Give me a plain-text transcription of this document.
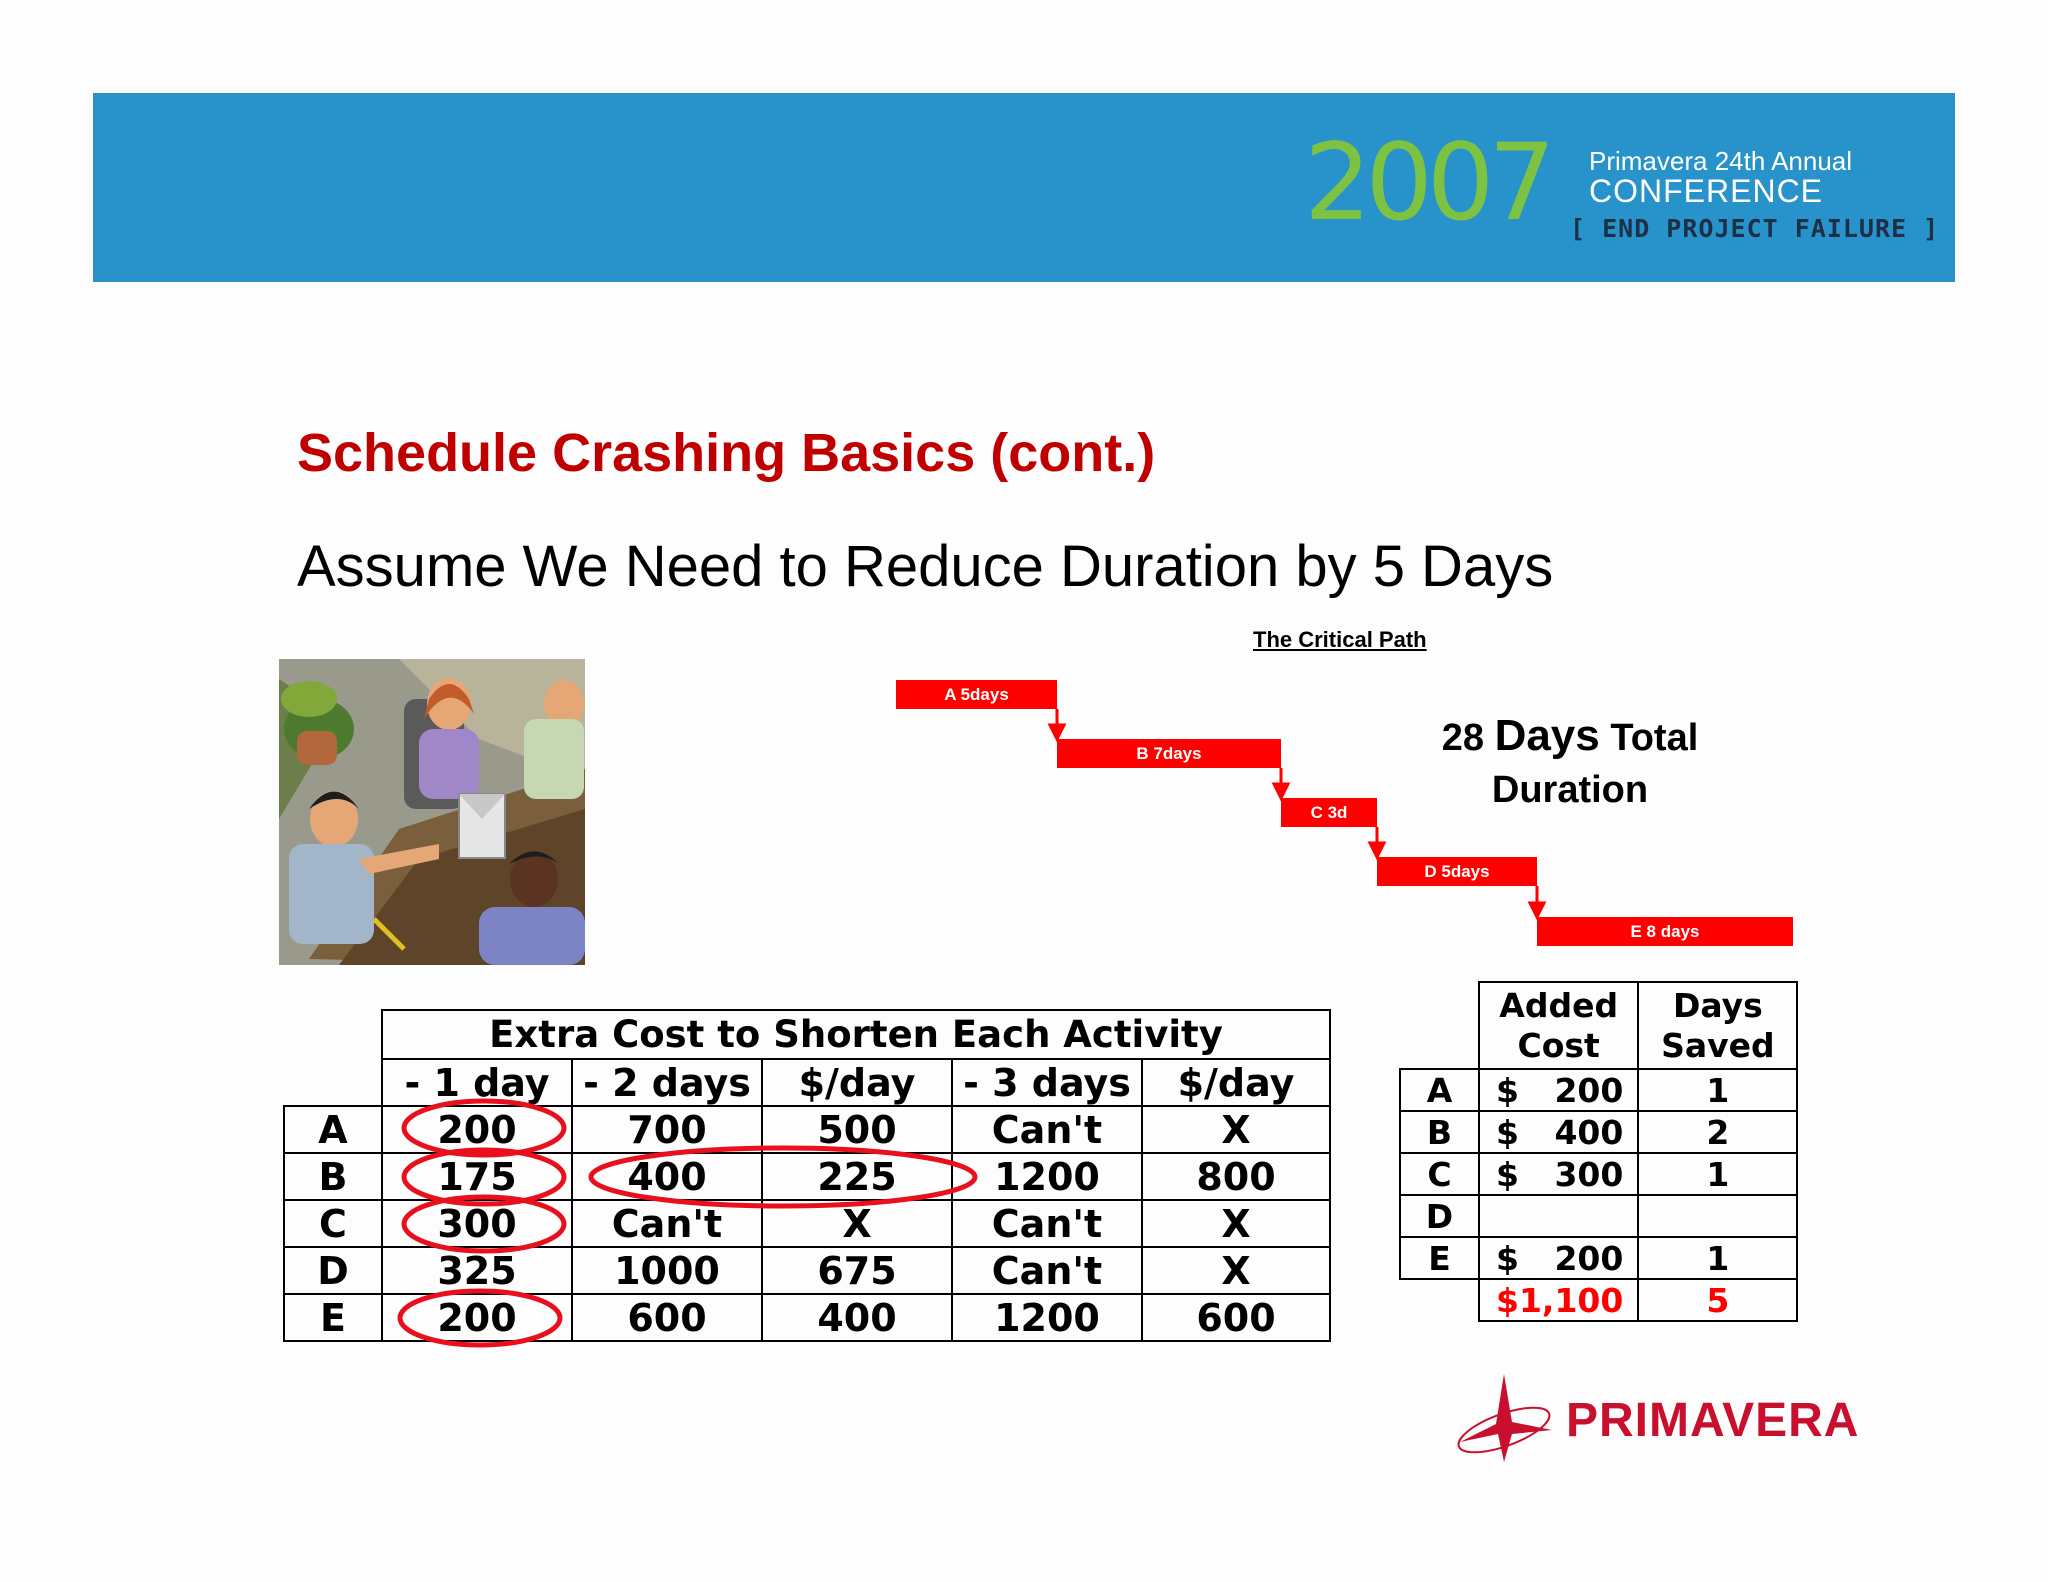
2007 Primavera 24th Annual
CONFERENCE
[ END PROJECT FAILURE ]
Schedule Crashing Basics (cont.)
Assume We Need to Reduce Duration by 5 Days
The Critical Path
A 5days
B 7days
C 3d
D 5days
E 8 days
28 Days Total
Duration
	Extra Cost to Shorten Each Activity				
	- 1 day	- 2 days	$/day	- 3 days	$/day
A	200	700	500	Can't	X
B	175	400	225	1200	800
C	300	Can't	X	Can't	X
D	325	1000	675	Can't	X
E	200	600	400	1200	600
	Added Cost	Days Saved
A	$ 200	1
B	$ 400	2
C	$ 300	1
D	

E	$ 200	1

	$ 1,100	5
PRIMAVERA
